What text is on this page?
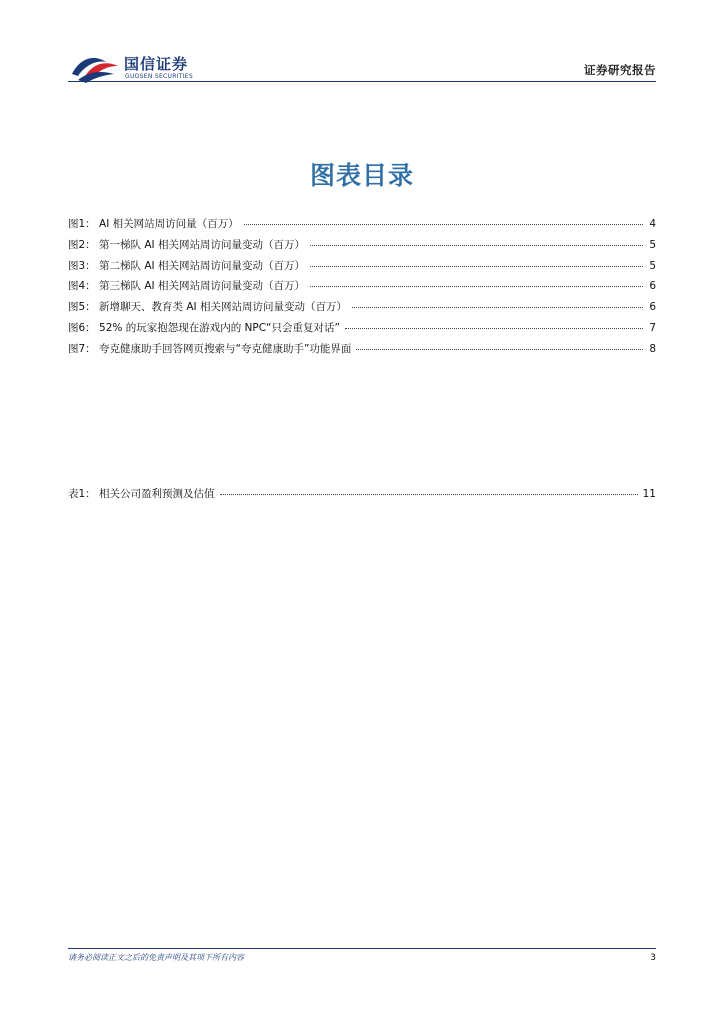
国信证券
GUOSEN SECURITIES	证券研究报告
图表目录
图1： AI 相关网站周访问量（百万）	4
图2： 第一梯队 AI 相关网站周访问量变动（百万）	5
图3： 第二梯队 AI 相关网站周访问量变动（百万）	5
图4： 第三梯队 AI 相关网站周访问量变动（百万）	6
图5： 新增聊天、教育类 AI 相关网站周访问量变动（百万）	6
图6： 52% 的玩家抱怨现在游戏内的 NPC“只会重复对话”	7
图7： 夸克健康助手回答网页搜索与“夸克健康助手”功能界面	8
表1： 相关公司盈利预测及估值	11
请务必阅读正文之后的免责声明及其项下所有内容	3
